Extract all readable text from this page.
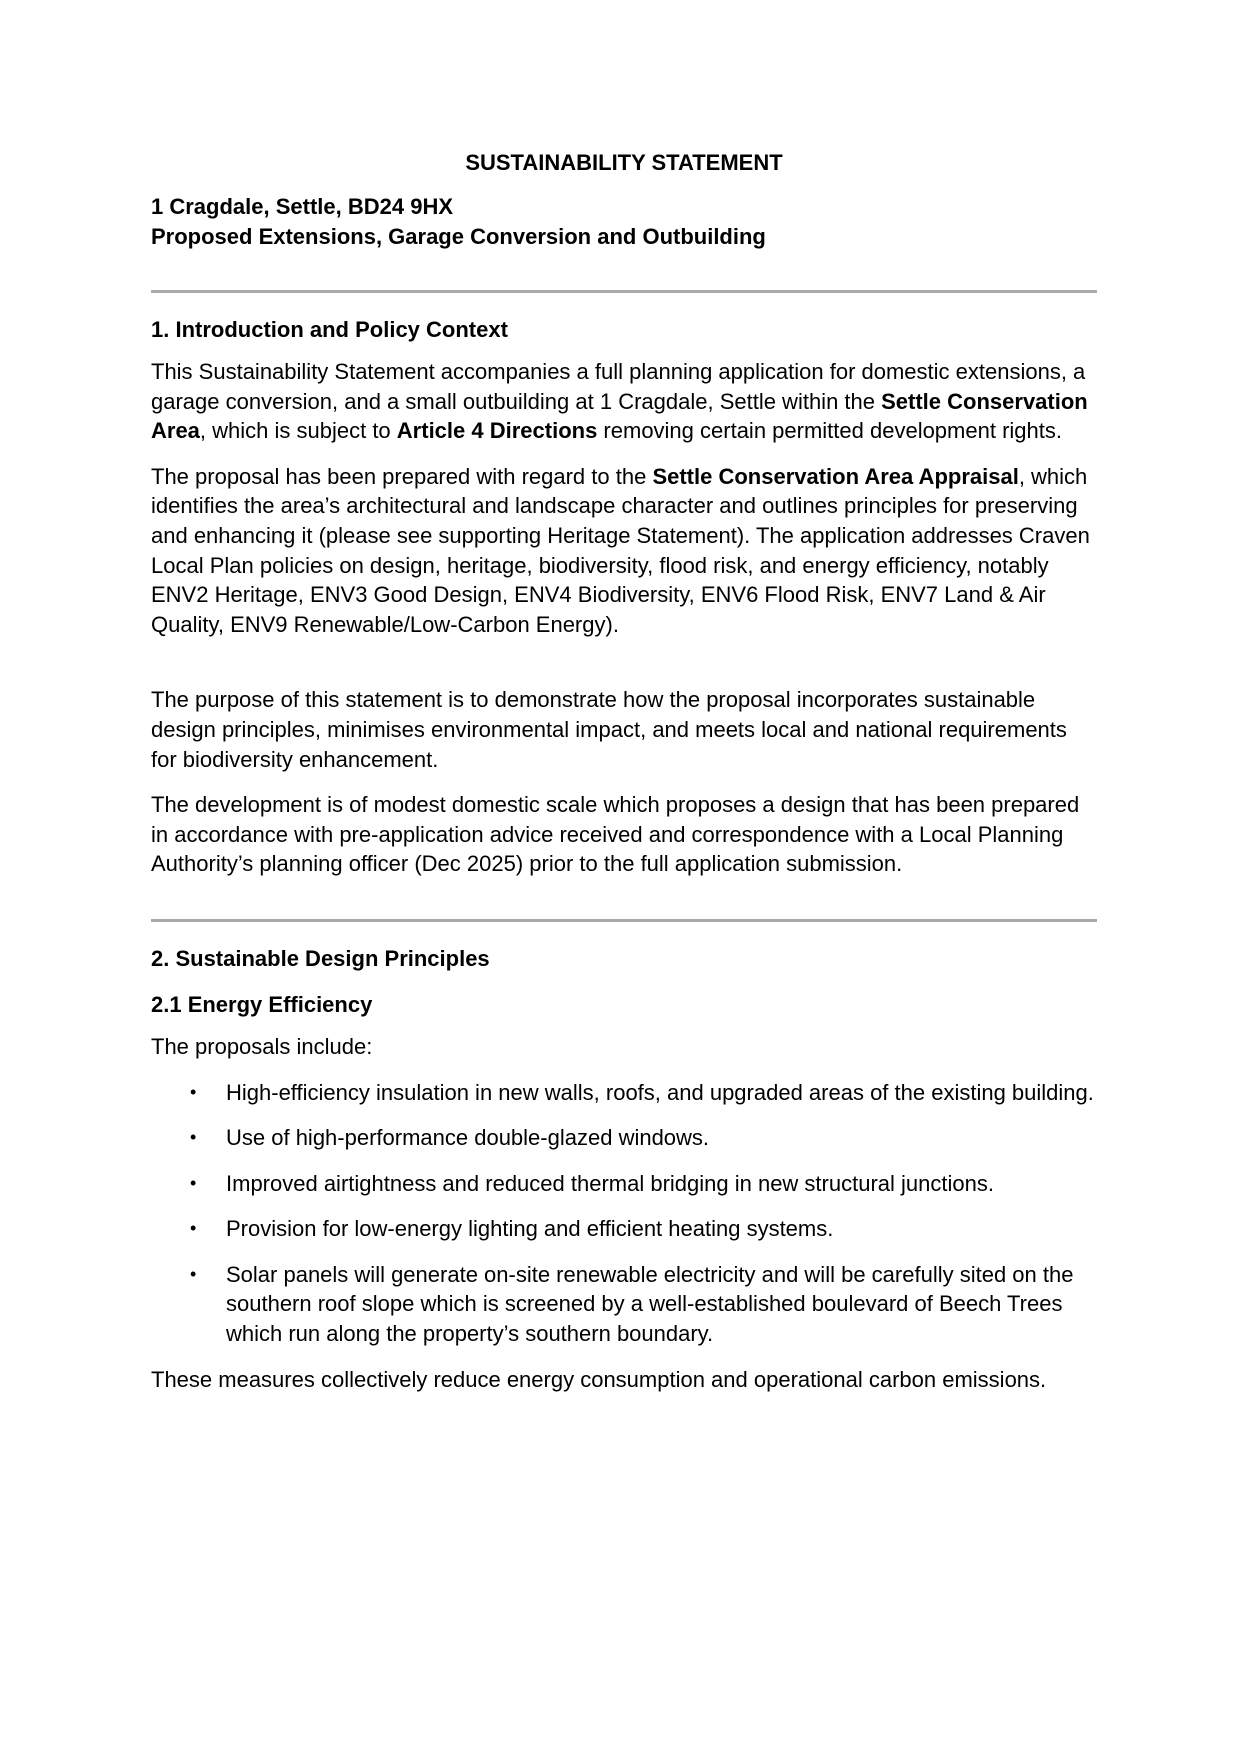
SUSTAINABILITY STATEMENT
1 Cragdale, Settle, BD24 9HX
Proposed Extensions, Garage Conversion and Outbuilding
1. Introduction and Policy Context

This Sustainability Statement accompanies a full planning application for domestic extensions, a garage conversion, and a small outbuilding at 1 Cragdale, Settle within the Settle Conservation Area, which is subject to Article 4 Directions removing certain permitted development rights.

The proposal has been prepared with regard to the Settle Conservation Area Appraisal, which identifies the area’s architectural and landscape character and outlines principles for preserving and enhancing it (please see supporting Heritage Statement). The application addresses Craven Local Plan policies on design, heritage, biodiversity, flood risk, and energy efficiency, notably ENV2 Heritage, ENV3 Good Design, ENV4 Biodiversity, ENV6 Flood Risk, ENV7 Land & Air Quality, ENV9 Renewable/Low-Carbon Energy).

The purpose of this statement is to demonstrate how the proposal incorporates sustainable design principles, minimises environmental impact, and meets local and national requirements for biodiversity enhancement.

The development is of modest domestic scale which proposes a design that has been prepared in accordance with pre-application advice received and correspondence with a Local Planning Authority’s planning officer (Dec 2025) prior to the full application submission.

2. Sustainable Design Principles
2.1 Energy Efficiency

The proposals include:

• High-efficiency insulation in new walls, roofs, and upgraded areas of the existing building.
• Use of high-performance double-glazed windows.
• Improved airtightness and reduced thermal bridging in new structural junctions.
• Provision for low-energy lighting and efficient heating systems.
• Solar panels will generate on-site renewable electricity and will be carefully sited on the southern roof slope which is screened by a well-established boulevard of Beech Trees which run along the property’s southern boundary.

These measures collectively reduce energy consumption and operational carbon emissions.
